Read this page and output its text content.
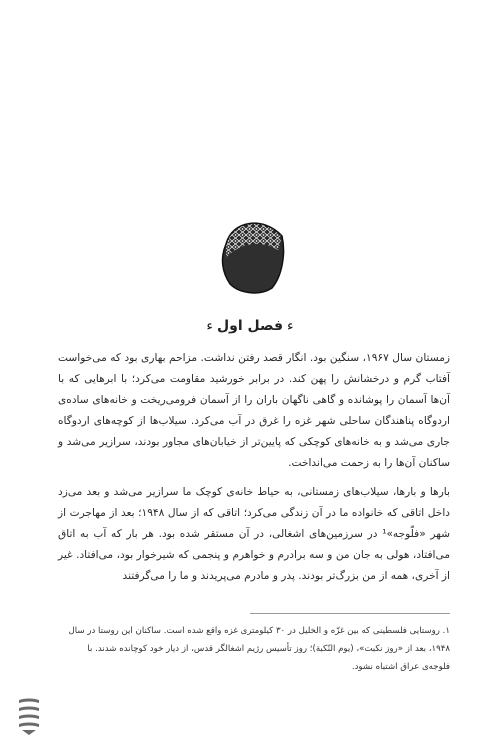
ءفصل اولء

زمستان سال ۱۹۶۷، سنگین بود. انگار قصد رفتن نداشت. مزاحم بهاری بود که می‌خواست آفتاب گرم و درخشانش را پهن کند. در برابر خورشید مقاومت می‌کرد؛ با ابرهایی که با آن‌ها آسمان را پوشانده و گاهی ناگهان باران را از آسمان فرومی‌ریخت و خانه‌های ساده‌ی اردوگاه پناهندگان ساحلی شهر غزه را غرق در آب می‌کرد. سیلاب‌ها از کوچه‌های اردوگاه جاری می‌شد و به خانه‌های کوچکی که پایین‌تر از خیابان‌های مجاور بودند، سرازیر می‌شد و ساکنان آن‌ها را به زحمت می‌انداخت.

بارها و بارها، سیلاب‌های زمستانی، به حیاط خانه‌ی کوچک ما سرازیر می‌شد و بعد می‌زد داخل اتاقی که خانواده ما در آن زندگی می‌کرد؛ اتاقی که از سال ۱۹۴۸؛ بعد از مهاجرت از شهر «فلّوجه»¹ در سرزمین‌های اشغالی، در آن مستقر شده بود. هر بار که آب به اتاق می‌افتاد، هولی به جان من و سه برادرم و خواهرم و پنجمی که شیرخوار بود، می‌افتاد. غیر از آخری، همه از من بزرگ‌تر بودند. پدر و مادرم می‌پریدند و ما را می‌گرفتند

۱. روستایی فلسطینی که بین غزّه و الخلیل در ۳۰ کیلومتری غزه واقع شده است. ساکنان این روستا در سال ۱۹۴۸، بعد از «روز نکبت»، (یوم النّکبة)؛ روز تأسیس رژیم اشغالگر قدس، از دیار خود کوچانده شدند. با فلوجه‌ی عراق اشتباه نشود.
